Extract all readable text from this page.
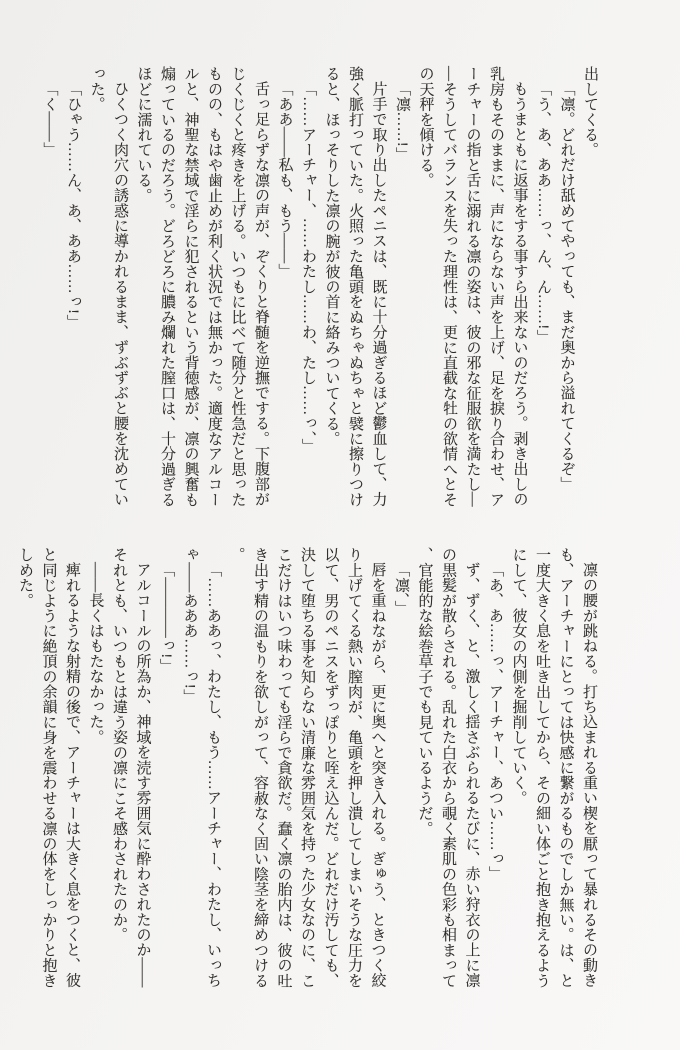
出してくる。

「凛。どれだけ舐めてやっても、まだ奥から溢れてくるぞ」

「う、あ、ああ……っ、ん、ん……!」

もうまともに返事をする事すら出来ないのだろう。剥き出しの乳房もそのままに、声にならない声を上げ、足を捩り合わせ、アーチャーの指と舌に溺れる凛の姿は、彼の邪な征服欲を満たし——そうしてバランスを失った理性は、更に直截な牡の欲情へとその天秤を傾ける。

「凛……!」

片手で取り出したペニスは、既に十分過ぎるほど鬱血して、力強く脈打っていた。火照った亀頭をぬちゃぬちゃと襞に擦りつけると、ほっそりした凛の腕が彼の首に絡みついてくる。

「……アーチャー、……わたし……わ、たし……っ、」

「ああ——私も、もう——」

舌っ足らずな凛の声が、ぞくりと脊髄を逆撫でする。下腹部がじくじくと疼きを上げる。いつもに比べて随分と性急だと思ったものの、もはや歯止めが利く状況では無かった。適度なアルコールと、神聖な禁域で淫らに犯されるという背徳感が、凛の興奮も煽っているのだろう。どろどろに膿み爛れた膣口は、十分過ぎるほどに濡れている。

ひくつく肉穴の誘惑に導かれるまま、ずぶずぶと腰を沈めていった。

「ひゃう……ん、あ、ああ……っ!」

「く——」

凛の腰が跳ねる。打ち込まれる重い楔を厭って暴れるその動きも、アーチャーにとっては快感に繋がるものでしか無い。は、と一度大きく息を吐き出してから、その細い体ごと抱き抱えるようにして、彼女の内側を掘削していく。

「あ、あ……っ、アーチャー、あつい……っ」

ず、ずく、と、激しく揺さぶられるたびに、赤い狩衣の上に凛の黒髪が散らされる。乱れた白衣から覗く素肌の色彩も相まって、官能的な絵巻草子でも見ているようだ。

「凛、」

唇を重ねながら、更に奥へと突き入れる。ぎゅう、ときつく絞り上げてくる熱い膣肉が、亀頭を押し潰してしまいそうな圧力を以て、男のペニスをずっぽりと咥え込んだ。どれだけ汚しても、決して堕ちる事を知らない清廉な雰囲気を持った少女なのに、ここだけはいつ味わっても淫らで貪欲だ。蠢く凛の胎内は、彼の吐き出す精の温もりを欲しがって、容赦なく固い陰茎を締めつける。

「……ああっ、わたし、もう……アーチャー、わたし、いっちゃ——あああ……っ!」

「————っ!」

アルコールの所為か、神域を涜す雰囲気に酔わされたのか——それとも、いつもとは違う姿の凛にこそ感わされたのか。

——長くはもたなかった。

痺れるような射精の後で、アーチャーは大きく息をつくと、彼と同じように絶頂の余韻に身を震わせる凛の体をしっかりと抱きしめた。
